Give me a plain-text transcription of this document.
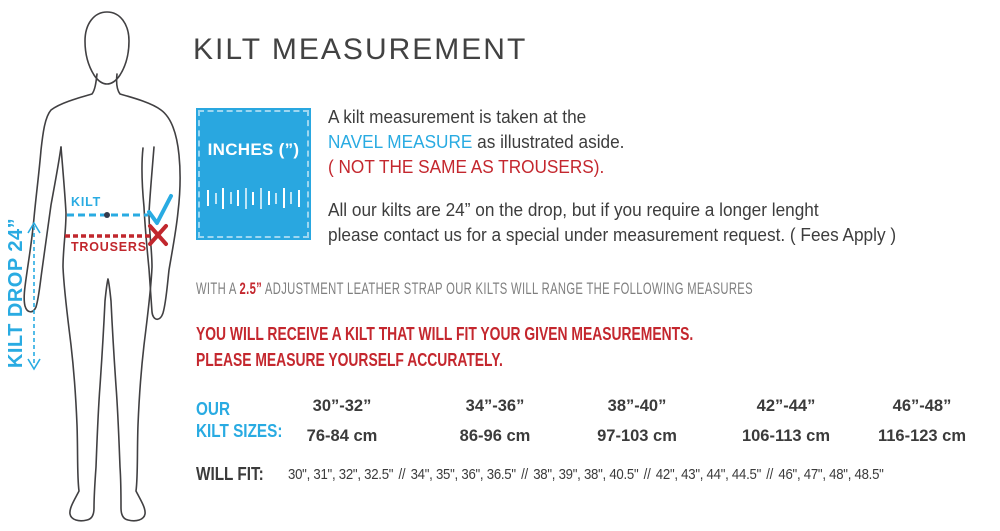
KILT
TROUSERS
KILT DROP 24”
KILT MEASUREMENT
INCHES (”)

A kilt measurement is taken at the
NAVEL MEASURE as illustrated aside.
( NOT THE SAME AS TROUSERS).

All our kilts are 24” on the drop, but if you require a longer lenght
please contact us for a special under measurement request. ( Fees Apply )

WITH A 2.5” ADJUSTMENT LEATHER STRAP OUR KILTS WILL RANGE THE FOLLOWING MEASURES

YOU WILL RECEIVE A KILT THAT WILL FIT YOUR GIVEN MEASUREMENTS.
PLEASE MEASURE YOURSELF ACCURATELY.

OUR
KILT SIZES:
30”-32”
76-84 cm
34”-36”
86-96 cm
38”-40”
97-103 cm
42”-44”
106-113 cm
46”-48”
116-123 cm
WILL FIT: 30", 31", 32", 32.5" // 34", 35", 36", 36.5" // 38", 39", 38", 40.5" // 42", 43", 44", 44.5" // 46", 47", 48", 48.5"
